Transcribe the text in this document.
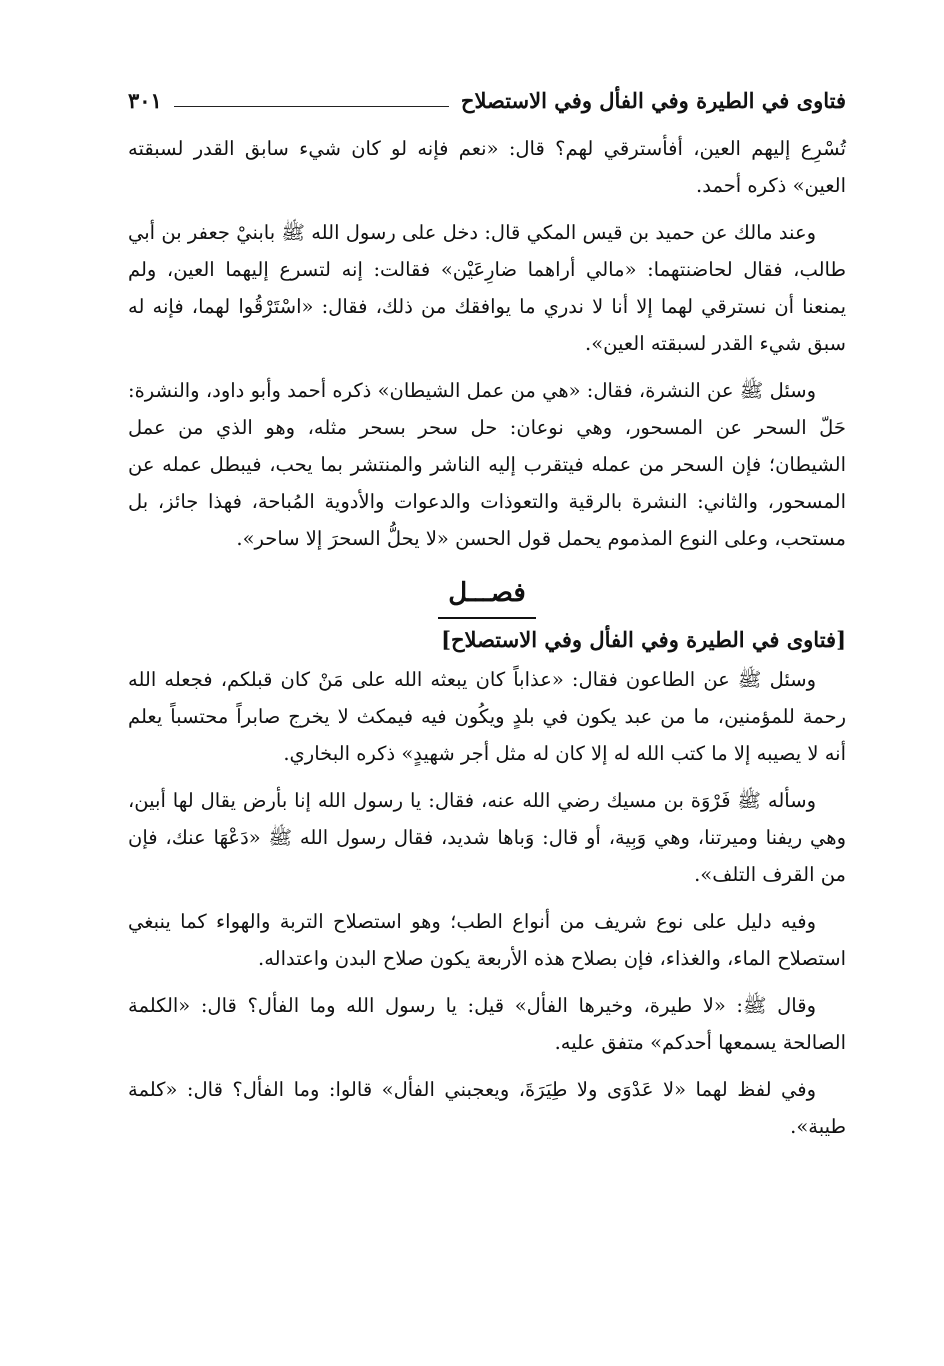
فتاوى في الطيرة وفي الفأل وفي الاستصلاح
٣٠١

تُسْرِع إليهم العين، أفأسترقي لهم؟ قال: «نعم فإنه لو كان شيء سابق القدر لسبقته العين» ذكره أحمد.

وعند مالك عن حميد بن قيس المكي قال: دخل على رسول الله ﷺ بابنيْ جعفر بن أبي طالب، فقال لحاضنتهما: «مالي أراهما ضارِعَيْن» فقالت: إنه لتسرع إليهما العين، ولم يمنعنا أن نسترقي لهما إلا أنا لا ندري ما يوافقك من ذلك، فقال: «اسْتَرْقُوا لهما، فإنه له سبق شيء القدر لسبقته العين».

وسئل ﷺ عن النشرة، فقال: «هي من عمل الشيطان» ذكره أحمد وأبو داود، والنشرة: حَلّ السحر عن المسحور، وهي نوعان: حل سحر بسحر مثله، وهو الذي من عمل الشيطان؛ فإن السحر من عمله فيتقرب إليه الناشر والمنتشر بما يحب، فيبطل عمله عن المسحور، والثاني: النشرة بالرقية والتعوذات والدعوات والأدوية المُباحة، فهذا جائز، بل مستحب، وعلى النوع المذموم يحمل قول الحسن «لا يحلُّ السحرَ إلا ساحر».

فصـــل
[فتاوى في الطيرة وفي الفأل وفي الاستصلاح]

وسئل ﷺ عن الطاعون فقال: «عذاباً كان يبعثه الله على مَنْ كان قبلكم، فجعله الله رحمة للمؤمنين، ما من عبد يكون في بلدٍ ويكُون فيه فيمكث لا يخرج صابراً محتسباً يعلم أنه لا يصيبه إلا ما كتب الله له إلا كان له مثل أجر شهيدٍ» ذكره البخاري.

وسأله ﷺ فَرْوَة بن مسيك رضي الله عنه، فقال: يا رسول الله إنا بأرض يقال لها أبين، وهي ريفنا وميرتنا، وهي وَبِية، أو قال: وَباها شديد، فقال رسول الله ﷺ «دَعْهَا عنك، فإن من القرف التلف».

وفيه دليل على نوع شريف من أنواع الطب؛ وهو استصلاح التربة والهواء كما ينبغي استصلاح الماء، والغذاء، فإن بصلاح هذه الأربعة يكون صلاح البدن واعتداله.

وقال ﷺ: «لا طيرة، وخيرها الفأل» قيل: يا رسول الله وما الفأل؟ قال: «الكلمة الصالحة يسمعها أحدكم» متفق عليه.

وفي لفظ لهما «لا عَدْوَى ولا طِيَرَةَ، ويعجبني الفأل» قالوا: وما الفأل؟ قال: «كلمة طيبة».
